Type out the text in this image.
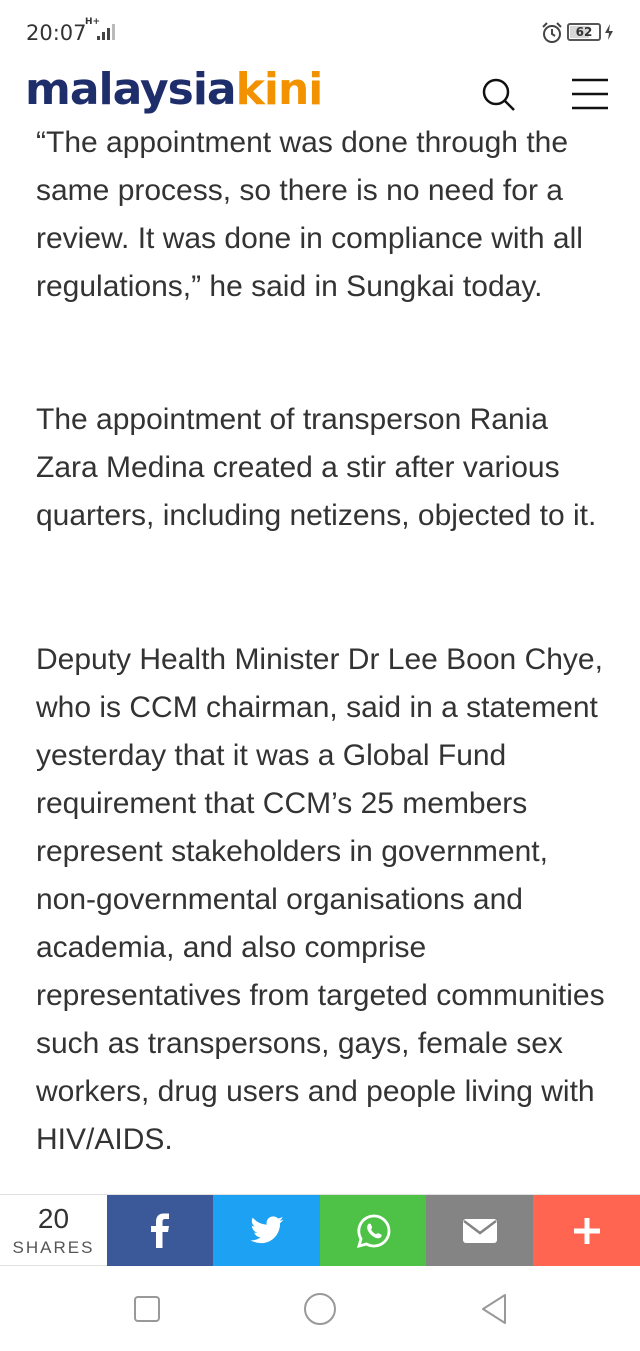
20:07
H+
62
malaysiakini

“The appointment was done through the same process, so there is no need for a review. It was done in compliance with all regulations,” he said in Sungkai today.

The appointment of transperson Rania Zara Medina created a stir after various quarters, including netizens, objected to it.

Deputy Health Minister Dr Lee Boon Chye, who is CCM chairman, said in a statement yesterday that it was a Global Fund requirement that CCM’s 25 members represent stakeholders in government, non-governmental organisations and academia, and also comprise representatives from targeted communities such as transpersons, gays, female sex workers, drug users and people living with HIV/AIDS.

20
SHARES
